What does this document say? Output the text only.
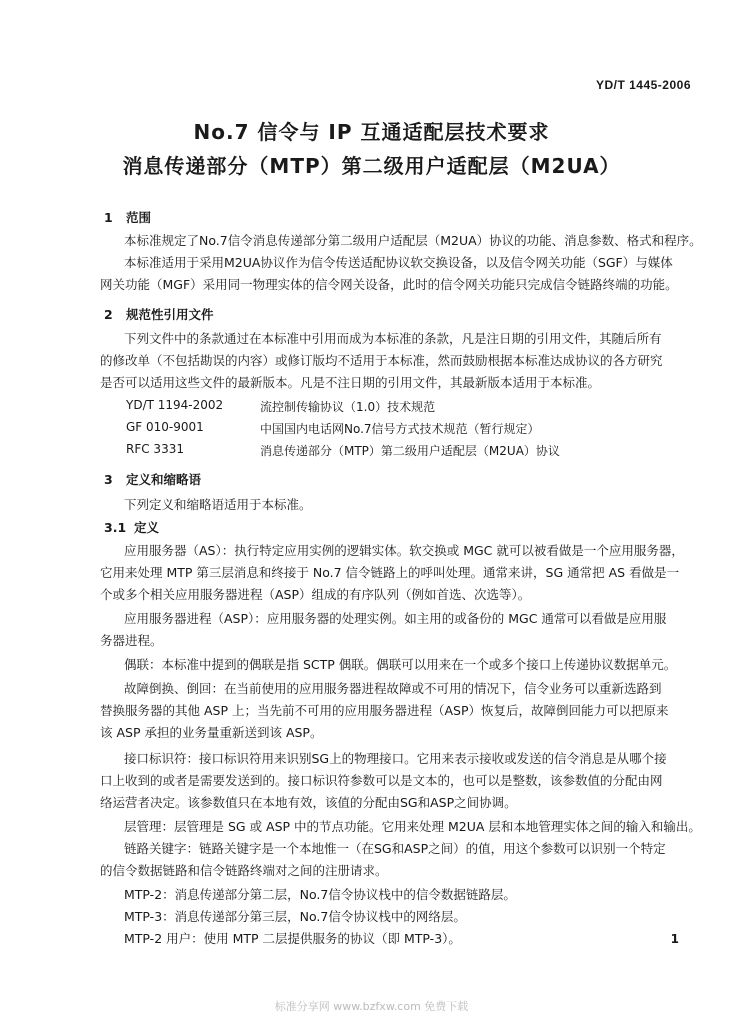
YD/T 1445-2006
No.7 信令与 IP 互通适配层技术要求
消息传递部分（MTP）第二级用户适配层（M2UA）
1 范围
本标准规定了No.7信令消息传递部分第二级用户适配层（M2UA）协议的功能、消息参数、格式和程序。
本标准适用于采用M2UA协议作为信令传送适配协议软交换设备，以及信令网关功能（SGF）与媒体
网关功能（MGF）采用同一物理实体的信令网关设备，此时的信令网关功能只完成信令链路终端的功能。
2 规范性引用文件
下列文件中的条款通过在本标准中引用而成为本标准的条款，凡是注日期的引用文件，其随后所有
的修改单（不包括勘误的内容）或修订版均不适用于本标准，然而鼓励根据本标准达成协议的各方研究
是否可以适用这些文件的最新版本。凡是不注日期的引用文件，其最新版本适用于本标准。
YD/T 1194-2002	流控制传输协议（1.0）技术规范
GF 010-9001	中国国内电话网No.7信号方式技术规范（暂行规定）
RFC 3331	消息传递部分（MTP）第二级用户适配层（M2UA）协议
3 定义和缩略语
下列定义和缩略语适用于本标准。
3.1 定义
应用服务器（AS）：执行特定应用实例的逻辑实体。软交换或 MGC 就可以被看做是一个应用服务器，
它用来处理 MTP 第三层消息和终接于 No.7 信令链路上的呼叫处理。通常来讲，SG 通常把 AS 看做是一
个或多个相关应用服务器进程（ASP）组成的有序队列（例如首选、次选等）。
应用服务器进程（ASP）：应用服务器的处理实例。如主用的或备份的 MGC 通常可以看做是应用服
务器进程。
偶联：本标准中提到的偶联是指 SCTP 偶联。偶联可以用来在一个或多个接口上传递协议数据单元。
故障倒换、倒回：在当前使用的应用服务器进程故障或不可用的情况下，信令业务可以重新选路到
替换服务器的其他 ASP 上；当先前不可用的应用服务器进程（ASP）恢复后，故障倒回能力可以把原来
该 ASP 承担的业务量重新送到该 ASP。
接口标识符：接口标识符用来识别SG上的物理接口。它用来表示接收或发送的信令消息是从哪个接
口上收到的或者是需要发送到的。接口标识符参数可以是文本的，也可以是整数，该参数值的分配由网
络运营者决定。该参数值只在本地有效，该值的分配由SG和ASP之间协调。
层管理：层管理是 SG 或 ASP 中的节点功能。它用来处理 M2UA 层和本地管理实体之间的输入和输出。
链路关键字：链路关键字是一个本地惟一（在SG和ASP之间）的值，用这个参数可以识别一个特定
的信令数据链路和信令链路终端对之间的注册请求。
MTP-2：消息传递部分第二层，No.7信令协议栈中的信令数据链路层。
MTP-3：消息传递部分第三层，No.7信令协议栈中的网络层。
MTP-2 用户：使用 MTP 二层提供服务的协议（即 MTP-3）。	1
标准分享网 www.bzfxw.com 免费下载
